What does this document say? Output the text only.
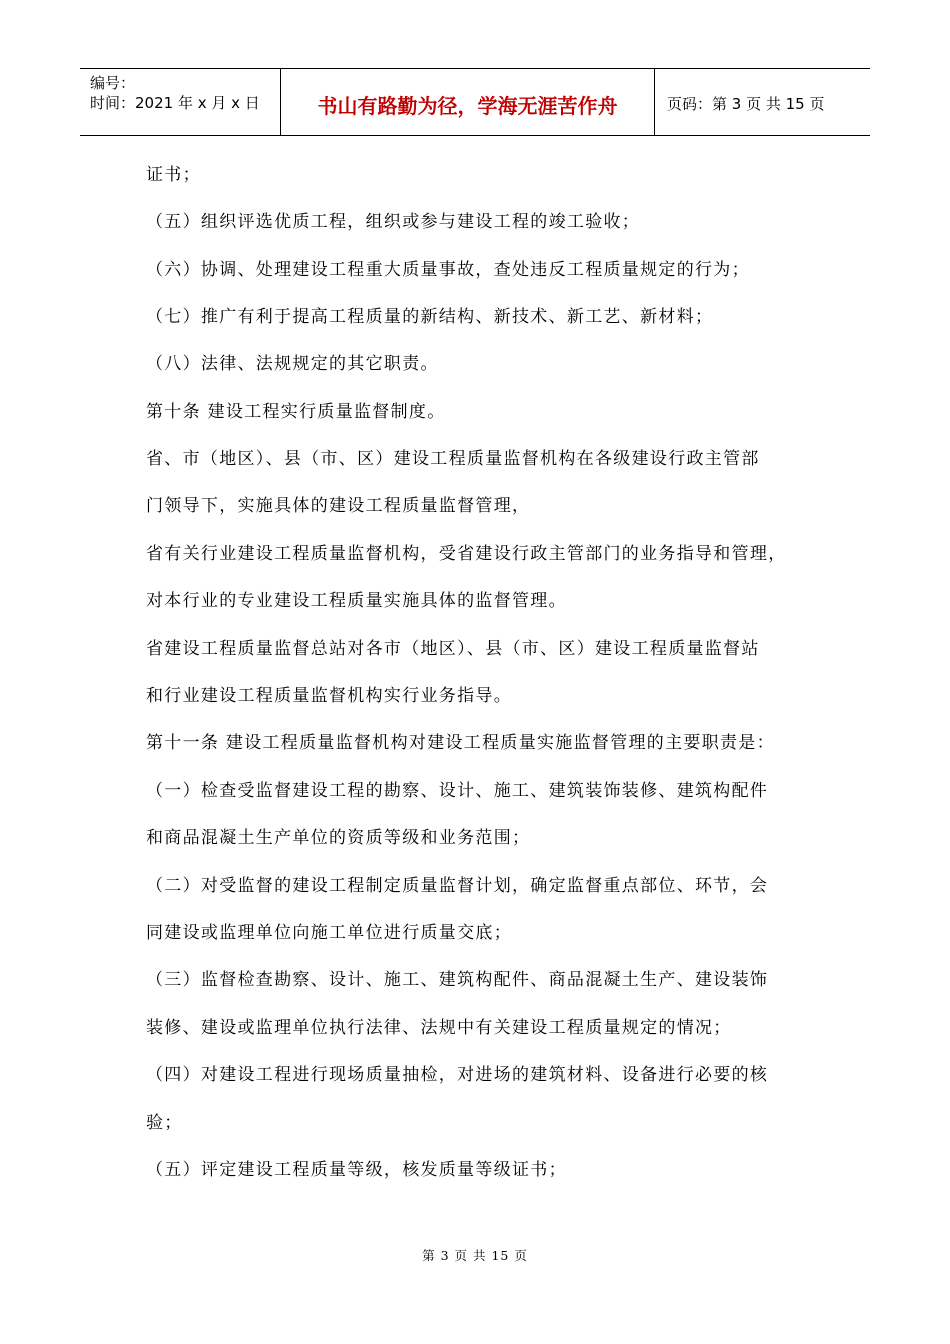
编号：
时间：2021 年 x 月 x 日	书山有路勤为径，学海无涯苦作舟	页码：第 3 页 共 15 页
证书；
（五）组织评选优质工程，组织或参与建设工程的竣工验收；
（六）协调、处理建设工程重大质量事故，查处违反工程质量规定的行为；
（七）推广有利于提高工程质量的新结构、新技术、新工艺、新材料；
（八）法律、法规规定的其它职责。
第十条 建设工程实行质量监督制度。
省、市（地区）、县（市、区）建设工程质量监督机构在各级建设行政主管部
门领导下，实施具体的建设工程质量监督管理，
省有关行业建设工程质量监督机构，受省建设行政主管部门的业务指导和管理，
对本行业的专业建设工程质量实施具体的监督管理。
省建设工程质量监督总站对各市（地区）、县（市、区）建设工程质量监督站
和行业建设工程质量监督机构实行业务指导。
第十一条 建设工程质量监督机构对建设工程质量实施监督管理的主要职责是：
（一）检查受监督建设工程的勘察、设计、施工、建筑装饰装修、建筑构配件
和商品混凝土生产单位的资质等级和业务范围；
（二）对受监督的建设工程制定质量监督计划，确定监督重点部位、环节，会
同建设或监理单位向施工单位进行质量交底；
（三）监督检查勘察、设计、施工、建筑构配件、商品混凝土生产、建设装饰
装修、建设或监理单位执行法律、法规中有关建设工程质量规定的情况；
（四）对建设工程进行现场质量抽检，对进场的建筑材料、设备进行必要的核
验；
（五）评定建设工程质量等级，核发质量等级证书；
第 3 页 共 15 页
